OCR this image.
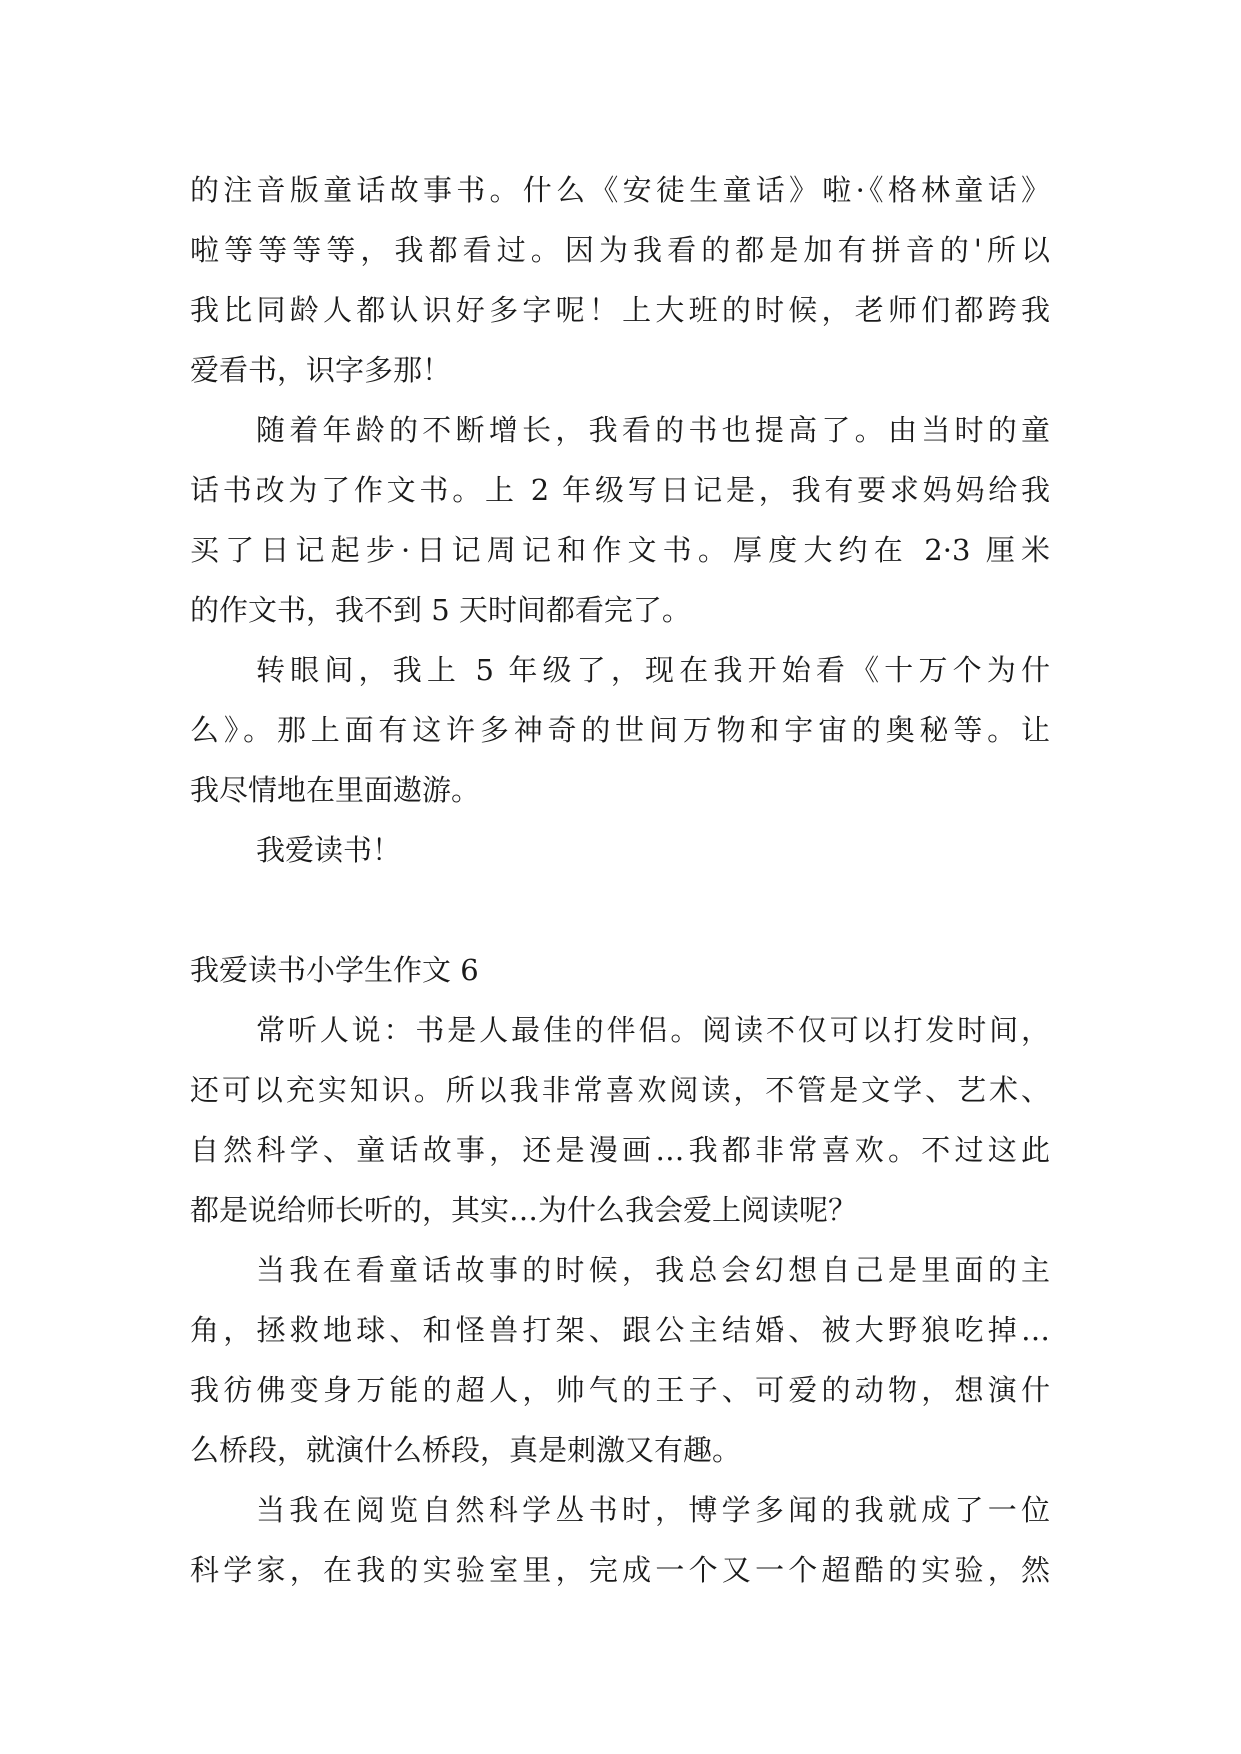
的注音版童话故事书。什么《安徒生童话》啦·《格林童话》
啦等等等等，我都看过。因为我看的都是加有拼音的'所以
我比同龄人都认识好多字呢！上大班的时候，老师们都跨我
爱看书，识字多那！
随着年龄的不断增长，我看的书也提高了。由当时的童
话书改为了作文书。上 2 年级写日记是，我有要求妈妈给我
买了日记起步·日记周记和作文书。厚度大约在 2·3 厘米
的作文书，我不到 5 天时间都看完了。
转眼间，我上 5 年级了，现在我开始看《十万个为什
么》。那上面有这许多神奇的世间万物和宇宙的奥秘等。让
我尽情地在里面遨游。
我爱读书！
我爱读书小学生作文 6
常听人说：书是人最佳的伴侣。阅读不仅可以打发时间，
还可以充实知识。所以我非常喜欢阅读，不管是文学、艺术、
自然科学、童话故事，还是漫画…我都非常喜欢。不过这此
都是说给师长听的，其实…为什么我会爱上阅读呢？
当我在看童话故事的时候，我总会幻想自己是里面的主
角，拯救地球、和怪兽打架、跟公主结婚、被大野狼吃掉…
我彷佛变身万能的超人，帅气的王子、可爱的动物，想演什
么桥段，就演什么桥段，真是刺激又有趣。
当我在阅览自然科学丛书时，博学多闻的我就成了一位
科学家，在我的实验室里，完成一个又一个超酷的实验，然
